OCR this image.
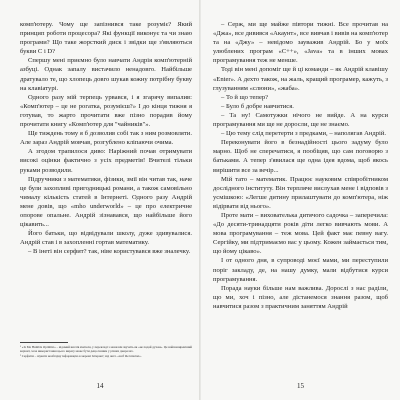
комп'ютеру. Чому ще запізнився таке розуміє? Який принцип роботи процесора? Які функції виконує та чи знаю програми? Що таке жорсткий диск і звідки ще з'являються букви C і D?

Спершу мені приємно було навчати Андрія комп'ютерній азбуці. Однак запалу вистачило ненадовго. Найбільше дратувало те, що хлопець довго шукав кожну потрібну букву на клавіатурі.

Одного разу мій терпець урвався, і я згарячу випалив: «Комп'ютер – це не рогатка, розумієш?» І до кінця тижня я готував, то жарто прочитати вже пізно порадив йому прочитати книгу «Комп'ютер для "чайників"».

Ще тиждень тому я б дозволив собі так з ним розмовляти. Але зараз Андрій мовчав, розгублено кліпаючи очима.

А згодом трапилося диво: Наріжний почав отримувати високі оцінки фактично з усіх предметів! Вчителі тільки руками розводили.

Підручники з математики, фізики, змії він читав так, наче це були захопливі пригодницькі романи, а також самовільно чималу кількість статей в Інтернеті. Одного разу Андрій мене довів, що «mho underworld» – це про електричне опорове опальне. Андрій зізнавався, що найбільше його цікавить...

Його батьки, що відвідували школу, дуже здивувалися. Андрій став і в захопленні гортав математику.

– В інетi він серфит? так, ніве користувався вже зналечку.

¹ «Je Me Humble Optimist» – відомий вислів вчителя, у перекладі з мови він звучить як «не падай духом». Це найпоширеніший варіант, хоча використання цього виразу може бути дещо іншим у різних джерелах.

² Серфити – шукати необхідну інформацію в мережі Інтернет; від англ. «surf the internet».

14

– Серж, ми ще майже півтори тижні. Все прочитав на «Джа», все дивився «Акаунт», все вивчав і вивів на комп'ютер та на «Джу» – невідомо зауважив Андрій. Бо у моїх улюблених програм «С++», «Java» та в інших мовах програмування теж не менше.

Тоді він мені допоміг ще й ці команди – як Андрій клавішу «Enter». А дехто також, на жаль, кращий програмер, кажуть, з глузуванням «слюни», «жаба».

– То й що тепер?

– Було б добре навчитися.

– Та ну! Самотужки нічого не вийде. А на курси програмування ми ще не доросли, ще не знаємо.

– Цю тему слід перетерти з предками, – наполягав Андрій.

Переконувати його в безнадійності цього задуму було марно. Щоб не сперечатися, я пообіцяв, що сам поговорю з батьками. А тепер з'явилася ще одна ідея вдома, щоб якось вирішити все за вечір...

Мій тато – математик. Працює науковим співробітником дослідного інституту. Він терпляче вислухав мене і відповів з усмішкою: «Легше дитину прилаштувати до комп'ютера, ніж відірвати від нього».

Проте мати – вихователька дитячого садочка – заперечила: «До десяти-тринадцяти років діти легко вивчають мови. А мова програмування – теж мова. Цей факт має певну вагу. Сергійку, ми підтримаємо вас у цьому. Кожен займається тим, що йому цікаво».

І от одного дня, в супроводі моєї мами, ми переступили поріг закладу, де, на нашу думку, мали відбутися курси програмування.

Порада науки більше нам важлива. Дорослі з нас раділи, що ми, хоч і пізно, але дістанемося знання разом, щоб навчитися разом з практичним заняттям Андрій

15
